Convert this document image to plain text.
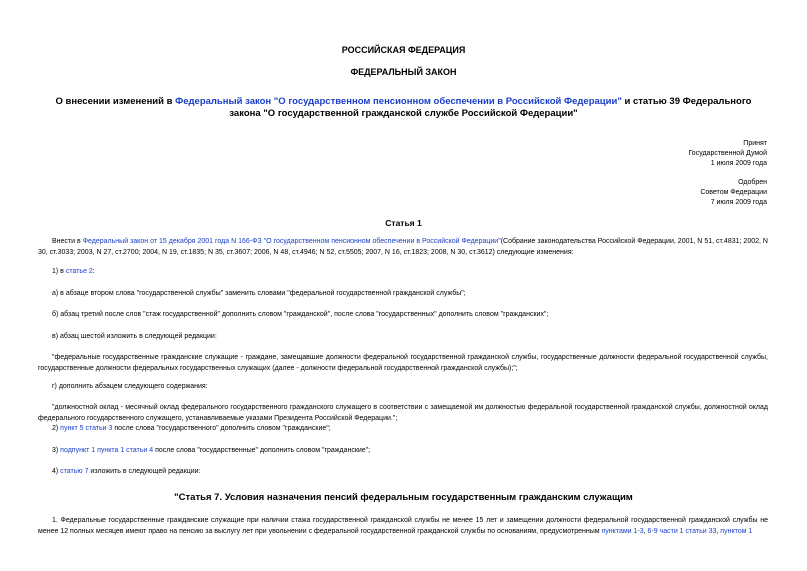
РОССИЙСКАЯ ФЕДЕРАЦИЯ

ФЕДЕРАЛЬНЫЙ ЗАКОН

О внесении изменений в Федеральный закон "О государственном пенсионном обеспечении в Российской Федерации" и статью 39 Федерального закона "О государственной гражданской службе Российской Федерации"
Принят
Государственной Думой
1 июля 2009 года
Одобрен
Советом Федерации
7 июля 2009 года

Статья 1

Внести в Федеральный закон от 15 декабря 2001 года N 166-ФЗ "О государственном пенсионном обеспечении в Российской Федерации"(Собрание законодательства Российской Федерации, 2001, N 51, ст.4831; 2002, N 30, ст.3033; 2003, N 27, ст.2700; 2004, N 19, ст.1835; N 35, ст.3607; 2006, N 48, ст.4946; N 52, ст.5505; 2007, N 16, ст.1823; 2008, N 30, ст.3612) следующие изменения:
1) в статье 2:
а) в абзаце втором слова "государственной службы" заменить словами "федеральной государственной гражданской службы";
б) абзац третий после слов "стаж государственной" дополнить словом "гражданской", после слова "государственных" дополнить словом "гражданских";
в) абзац шестой изложить в следующей редакции:
"федеральные государственные гражданские служащие - граждане, замещавшие должности федеральной государственной гражданской службы, государственные должности федеральной государственной службы, государственные должности федеральных государственных служащих (далее - должности федеральной государственной гражданской службы);";
г) дополнить абзацем следующего содержания:
"должностной оклад - месячный оклад федерального государственного гражданского служащего в соответствии с замещаемой им должностью федеральной государственной гражданской службы, должностной оклад федерального государственного служащего, устанавливаемые указами Президента Российской Федерации.";
2) пункт 5 статьи 3 после слова "государственного" дополнить словом "гражданские";
3) подпункт 1 пункта 1 статьи 4 после слова "государственные" дополнить словом "гражданские";
4) статью 7 изложить в следующей редакции:

"Статья 7. Условия назначения пенсий федеральным государственным гражданским служащим

1. Федеральные государственные гражданские служащие при наличии стажа государственной гражданской службы не менее 15 лет и замещении должности федеральной государственной гражданской службы не менее 12 полных месяцев имеют право на пенсию за выслугу лет при увольнении с федеральной государственной гражданской службы по основаниям, предусмотренным пунктами 1-3, 6-9 части 1 статьи 33, пунктом 1
